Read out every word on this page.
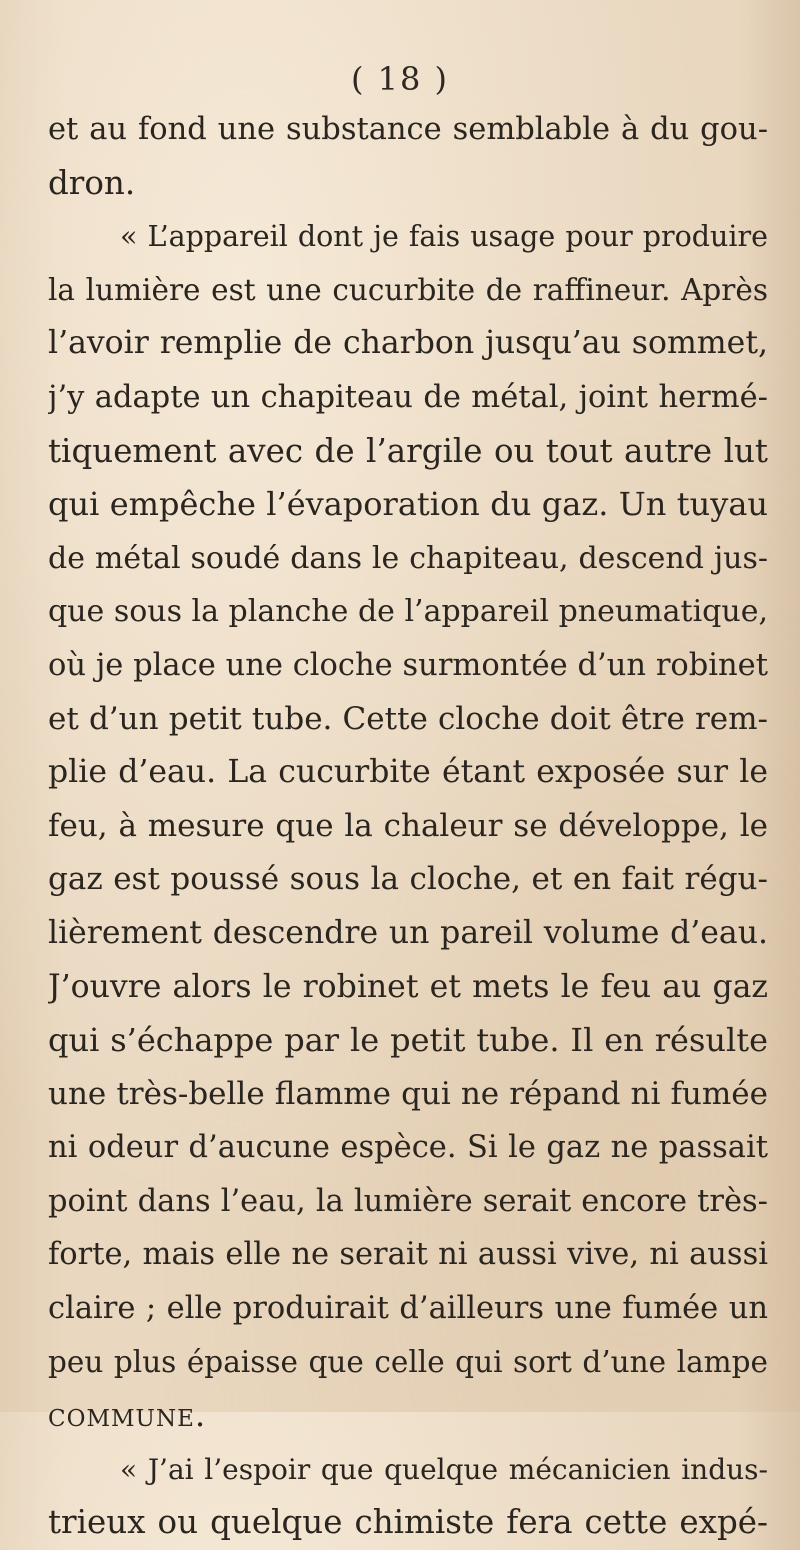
( 18 )
et au fond une substance semblable à du gou-
dron.
« L’appareil dont je fais usage pour produire
la lumière est une cucurbite de raffineur. Après
l’avoir remplie de charbon jusqu’au sommet,
j’y adapte un chapiteau de métal, joint hermé-
tiquement avec de l’argile ou tout autre lut
qui empêche l’évaporation du gaz. Un tuyau
de métal soudé dans le chapiteau, descend jus-
que sous la planche de l’appareil pneumatique,
où je place une cloche surmontée d’un robinet
et d’un petit tube. Cette cloche doit être rem-
plie d’eau. La cucurbite étant exposée sur le
feu, à mesure que la chaleur se développe, le
gaz est poussé sous la cloche, et en fait régu-
lièrement descendre un pareil volume d’eau.
J’ouvre alors le robinet et mets le feu au gaz
qui s’échappe par le petit tube. Il en résulte
une très-belle flamme qui ne répand ni fumée
ni odeur d’aucune espèce. Si le gaz ne passait
point dans l’eau, la lumière serait encore très-
forte, mais elle ne serait ni aussi vive, ni aussi
claire ; elle produirait d’ailleurs une fumée un
peu plus épaisse que celle qui sort d’une lampe
commune.
« J’ai l’espoir que quelque mécanicien indus-
trieux ou quelque chimiste fera cette expé-
